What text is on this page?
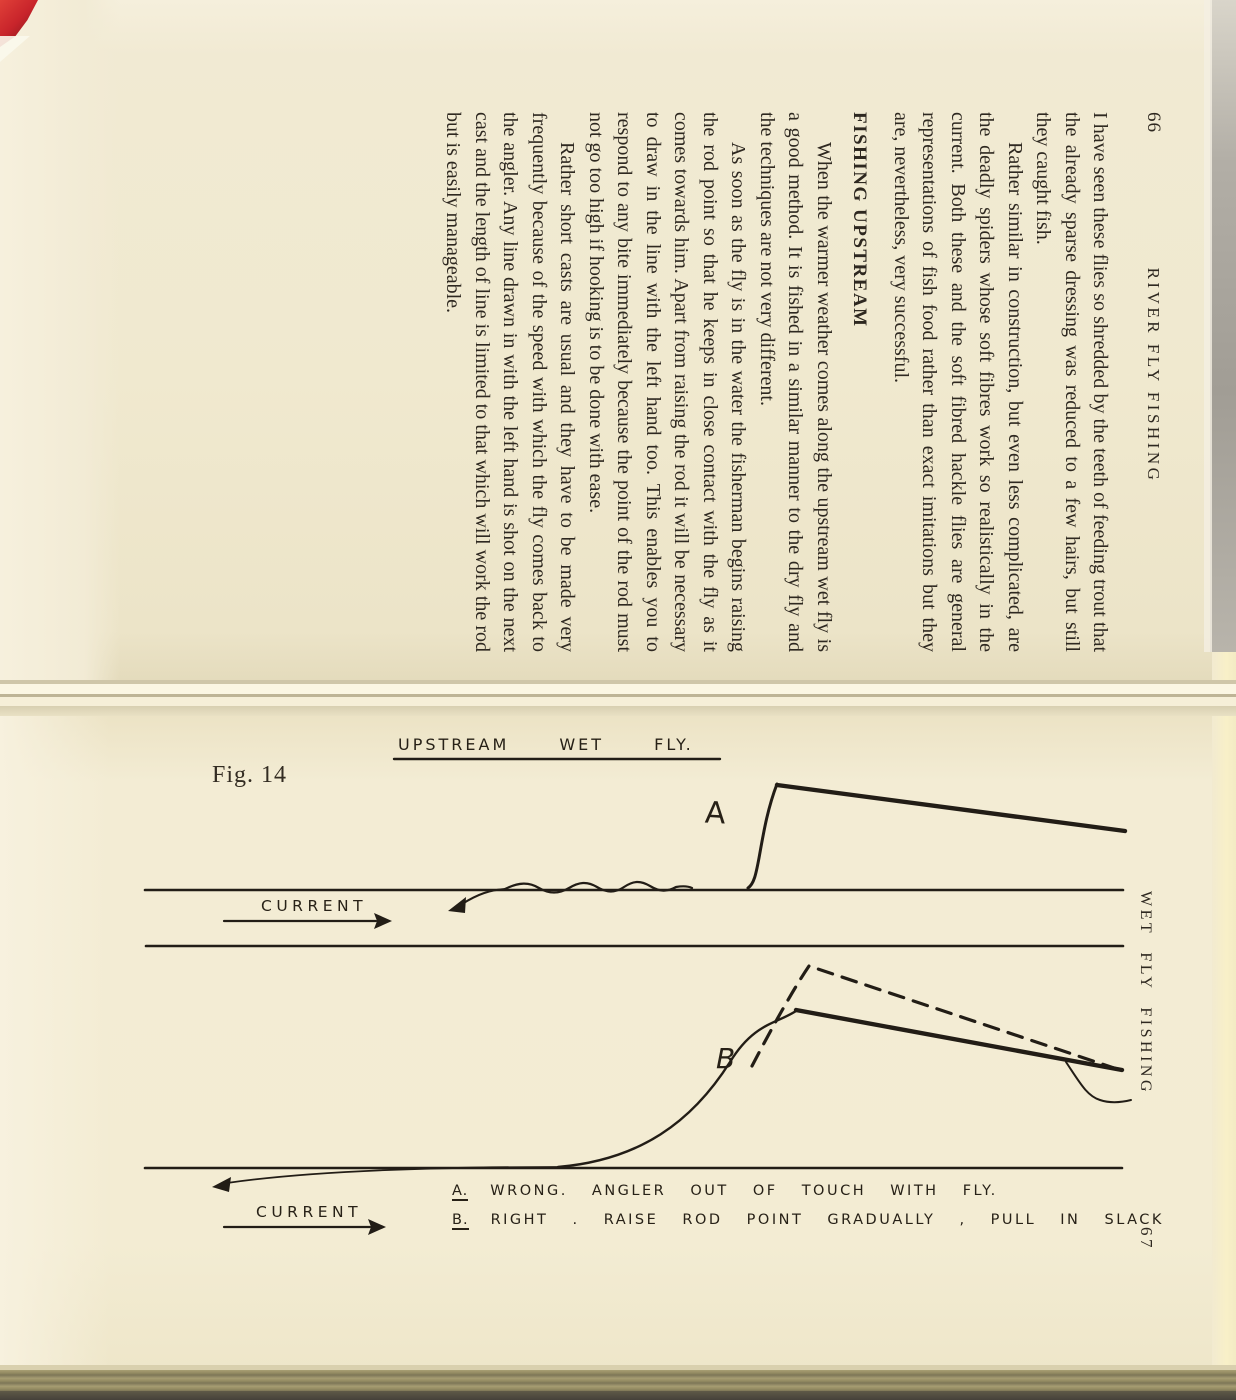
66
RIVER FLY FISHING

I have seen these flies so shredded by the teeth of feeding trout that the already sparse dressing was reduced to a few hairs, but still they caught fish.

Rather similar in construction, but even less complicated, are the deadly spiders whose soft fibres work so realistically in the current. Both these and the soft fibred hackle flies are general representations of fish food rather than exact imitations but they are, nevertheless, very successful.

FISHING UPSTREAM

When the warmer weather comes along the upstream wet fly is a good method. It is fished in a similar manner to the dry fly and the techniques are not very different.

As soon as the fly is in the water the fisherman begins raising the rod point so that he keeps in close contact with the fly as it comes towards him. Apart from raising the rod it will be necessary to draw in the line with the left hand too. This enables you to respond to any bite immediately because the point of the rod must not go too high if hooking is to be done with ease.

Rather short casts are usual and they have to be made very frequently because of the speed with which the fly comes back to the angler. Any line drawn in with the left hand is shot on the next cast and the length of line is limited to that which will work the rod but is easily manageable.

Fig. 14
UPSTREAM WET FLY.
A
B
CURRENT
CURRENT
A. WRONG. ANGLER OUT OF TOUCH WITH FLY.
B. RIGHT . RAISE ROD POINT GRADUALLY , PULL IN SLACK
WET FLY FISHING
67
